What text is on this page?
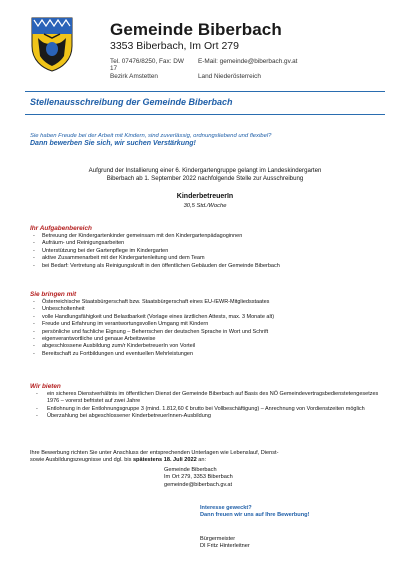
Gemeinde Biberbach
3353 Biberbach, Im Ort 279
Tel. 07476/8250, Fax: DW 17
E-Mail: gemeinde@biberbach.gv.at
Bezirk Amstetten	Land Niederösterreich
Stellenausschreibung der Gemeinde Biberbach
Sie haben Freude bei der Arbeit mit Kindern, sind zuverlässig, ordnungsliebend und flexibel?
Dann bewerben Sie sich, wir suchen Verstärkung!
Aufgrund der Installierung einer 6. Kindergartengruppe gelangt im Landeskindergarten
Biberbach ab 1. September 2022 nachfolgende Stelle zur Ausschreibung
KinderbetreuerIn
30,5 Std./Woche
Ihr Aufgabenbereich
- Betreuung der Kindergartenkinder gemeinsam mit den Kindergartenpädagoginnen
- Aufräum- und Reinigungsarbeiten
- Unterstützung bei der Gartenpflege im Kindergarten
- aktive Zusammenarbeit mit der Kindergartenleitung und dem Team
- bei Bedarf: Vertretung als Reinigungskraft in den öffentlichen Gebäuden der Gemeinde Biberbach
Sie bringen mit
- Österreichische Staatsbürgerschaft bzw. Staatsbürgerschaft eines EU-/EWR-Mitgliedsstaates
- Unbescholtenheit
- volle Handlungsfähigkeit und Belastbarkeit (Vorlage eines ärztlichen Attests, max. 3 Monate alt)
- Freude und Erfahrung im verantwortungsvollen Umgang mit Kindern
- persönliche und fachliche Eignung – Beherrschen der deutschen Sprache in Wort und Schrift
- eigenverantwortliche und genaue Arbeitsweise
- abgeschlossene Ausbildung zum/r KinderbetreuerIn von Vorteil
- Bereitschaft zu Fortbildungen und eventuellen Mehrleistungen
Wir bieten
- ein sicheres Dienstverhältnis im öffentlichen Dienst der Gemeinde Biberbach auf Basis des NÖ Gemeindevertragsbedienstetengesetzes 1976 – vorerst befristet auf zwei Jahre
- Entlohnung in der Entlohnungsgruppe 3 (mind. 1.812,60 € brutto bei Vollbeschäftigung) – Anrechnung von Vordienstzeiten möglich
- Überzahlung bei abgeschlossener KinderbetreuerInnen-Ausbildung
Ihre Bewerbung richten Sie unter Anschluss der entsprechenden Unterlagen wie Lebenslauf, Dienst-
sowie Ausbildungszeugnisse und dgl. bis spätestens 18. Juli 2022 an:
Gemeinde Biberbach
Im Ort 279, 3353 Biberbach
gemeinde@biberbach.gv.at
Interesse geweckt?
Dann freuen wir uns auf Ihre Bewerbung!
Bürgermeister
DI Fritz Hinterleitner
